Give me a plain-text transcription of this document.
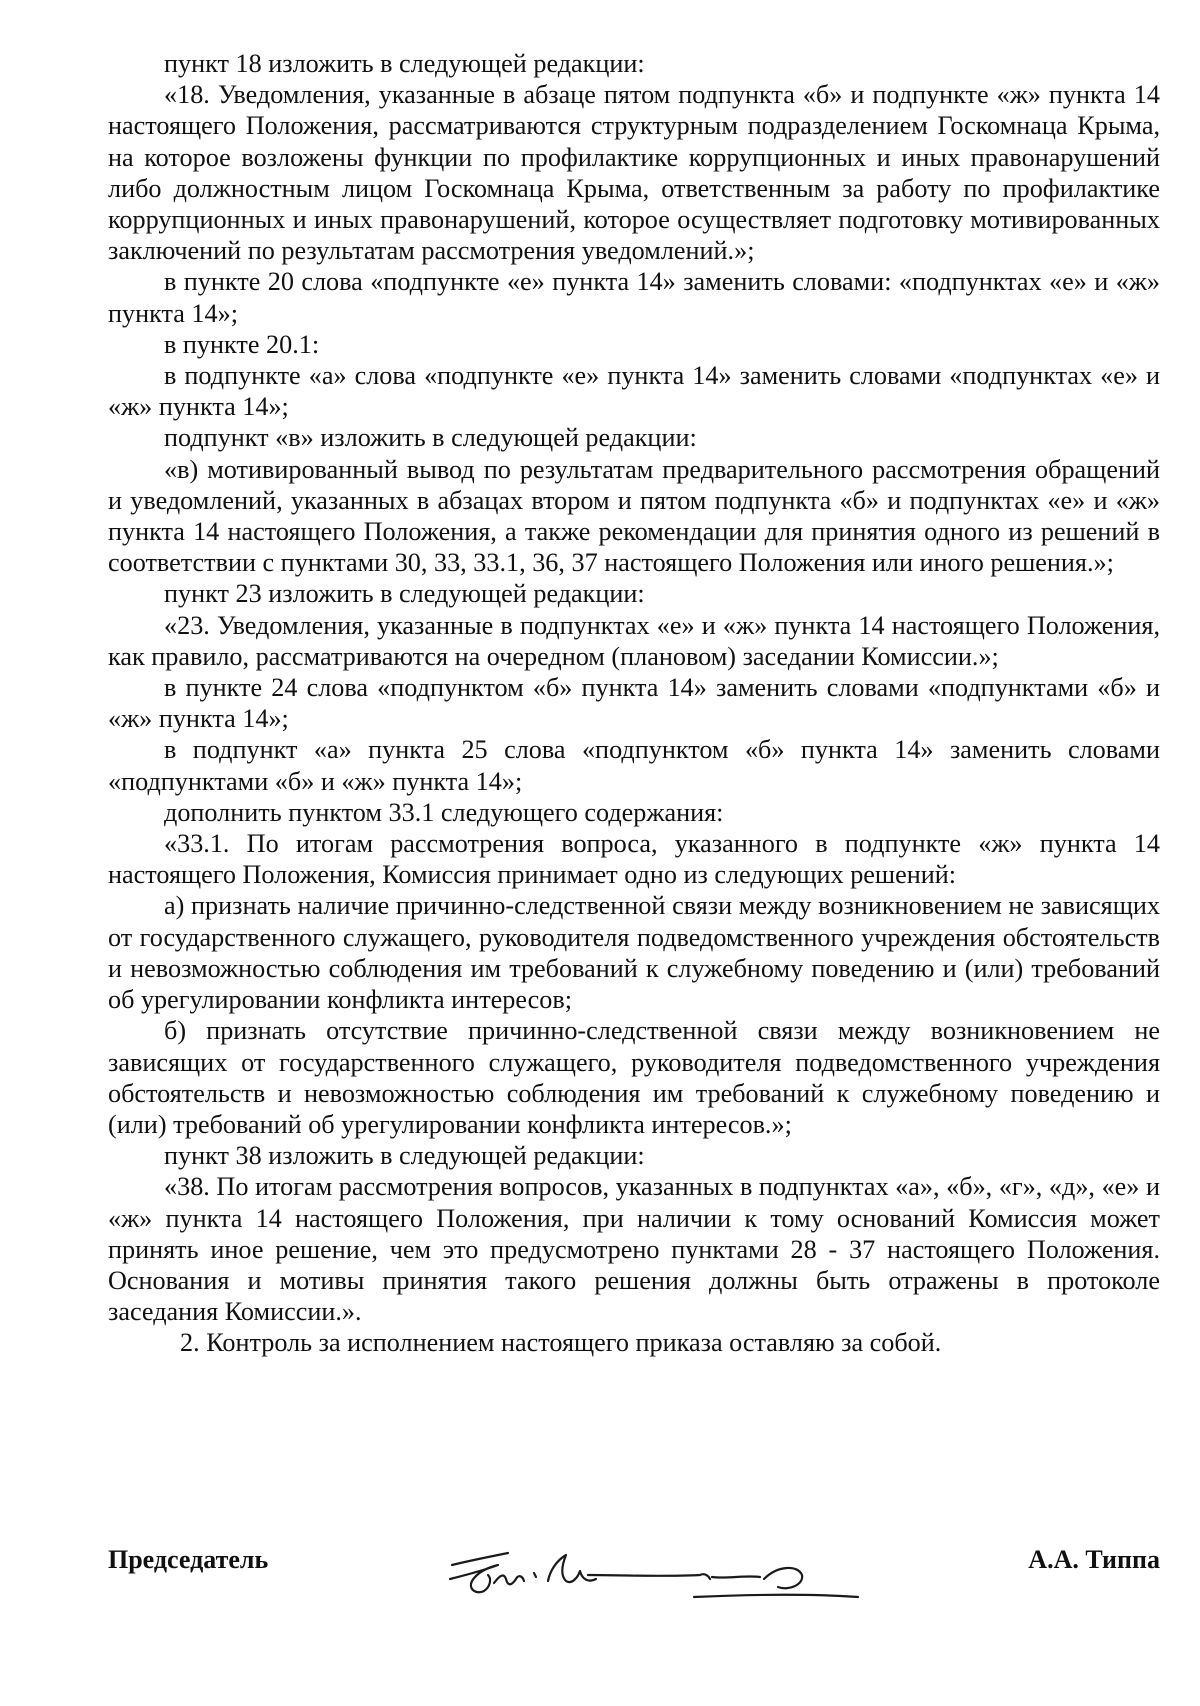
пункт 18 изложить в следующей редакции:

«18. Уведомления, указанные в абзаце пятом подпункта «б» и подпункте «ж» пункта 14 настоящего Положения, рассматриваются структурным подразделением Госкомнаца Крыма, на которое возложены функции по профилактике коррупционных и иных правонарушений либо должностным лицом Госкомнаца Крыма, ответственным за работу по профилактике коррупционных и иных правонарушений, которое осуществляет подготовку мотивированных заключений по результатам рассмотрения уведомлений.»;

в пункте 20 слова «подпункте «е» пункта 14» заменить словами: «подпунктах «е» и «ж» пункта 14»;

в пункте 20.1:

в подпункте «а» слова «подпункте «е» пункта 14» заменить словами «подпунктах «е» и «ж» пункта 14»;

подпункт «в» изложить в следующей редакции:

«в) мотивированный вывод по результатам предварительного рассмотрения обращений и уведомлений, указанных в абзацах втором и пятом подпункта «б» и подпунктах «е» и «ж» пункта 14 настоящего Положения, а также рекомендации для принятия одного из решений в соответствии с пунктами 30, 33, 33.1, 36, 37 настоящего Положения или иного решения.»;

пункт 23 изложить в следующей редакции:

«23. Уведомления, указанные в подпунктах «е» и «ж» пункта 14 настоящего Положения, как правило, рассматриваются на очередном (плановом) заседании Комиссии.»;

в пункте 24 слова «подпунктом «б» пункта 14» заменить словами «подпунктами «б» и «ж» пункта 14»;

в подпункт «а» пункта 25 слова «подпунктом «б» пункта 14» заменить словами «подпунктами «б» и «ж» пункта 14»;

дополнить пунктом 33.1 следующего содержания:

«33.1. По итогам рассмотрения вопроса, указанного в подпункте «ж» пункта 14 настоящего Положения, Комиссия принимает одно из следующих решений:

а) признать наличие причинно-следственной связи между возникновением не зависящих от государственного служащего, руководителя подведомственного учреждения обстоятельств и невозможностью соблюдения им требований к служебному поведению и (или) требований об урегулировании конфликта интересов;

б) признать отсутствие причинно-следственной связи между возникновением не зависящих от государственного служащего, руководителя подведомственного учреждения обстоятельств и невозможностью соблюдения им требований к служебному поведению и (или) требований об урегулировании конфликта интересов.»;

пункт 38 изложить в следующей редакции:

«38. По итогам рассмотрения вопросов, указанных в подпунктах «а», «б», «г», «д», «е» и «ж» пункта 14 настоящего Положения, при наличии к тому оснований Комиссия может принять иное решение, чем это предусмотрено пунктами 28 - 37 настоящего Положения. Основания и мотивы принятия такого решения должны быть отражены в протоколе заседания Комиссии.».

2. Контроль за исполнением настоящего приказа оставляю за собой.

Председатель	А.А. Типпа
